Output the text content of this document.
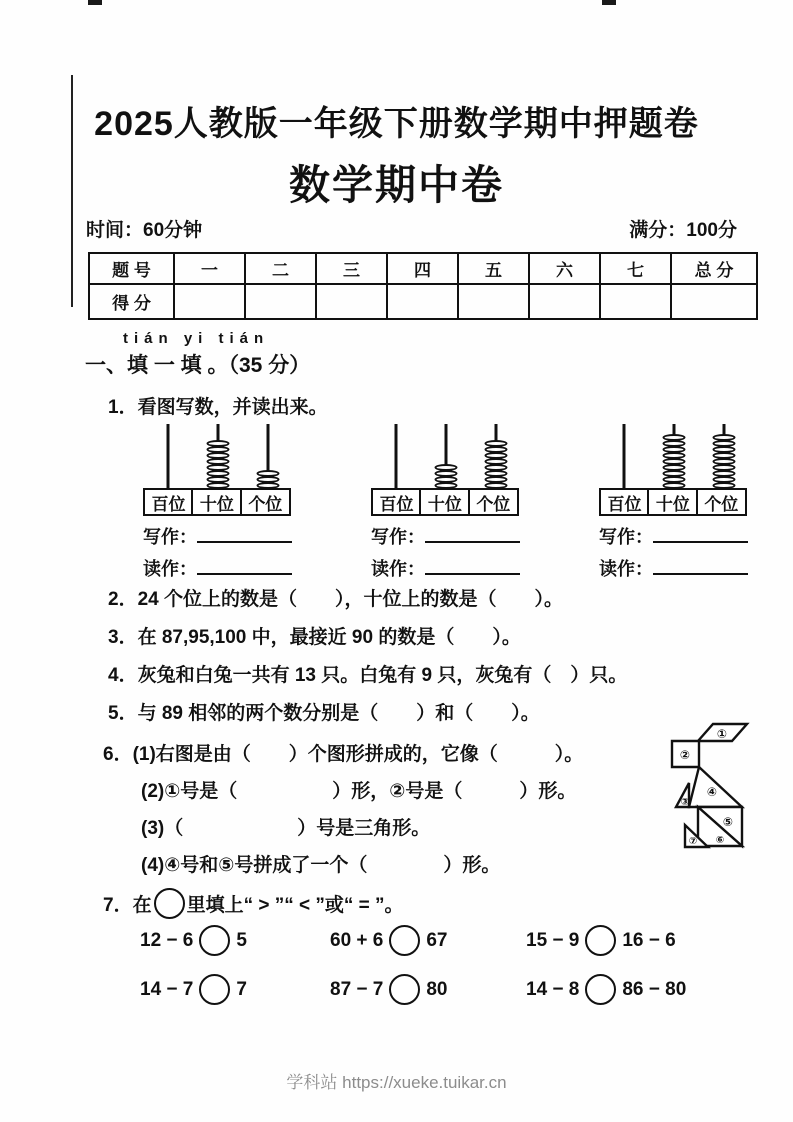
2025人教版一年级下册数学期中押题卷
数学期中卷
时间：60分钟	满分：100分
题 号	一	二	三	四	五	六	七	总 分
得 分								
tián yi tián
一、填 一 填 。（35 分）
1．看图写数，并读出来。
百位 十位 个位
写作：
读作：
百位 十位 个位
写作：
读作：
百位 十位 个位
写作：
读作：
2．24 个位上的数是（　　），十位上的数是（　　）。
3．在 87,95,100 中，最接近 90 的数是（　　）。
4．灰兔和白兔一共有 13 只。白兔有 9 只，灰兔有（　）只。
5．与 89 相邻的两个数分别是（　　）和（　　）。
6．(1)右图是由（　　）个图形拼成的，它像（　　　）。
(2)①号是（　　　　　）形，②号是（　　　）形。
(3)（　　　　　　）号是三角形。
(4)④号和⑤号拼成了一个（　　　　）形。
①
②
③
④
⑤
⑥
⑦
7．在 里填上“ > ”“ < ”或“ = ”。
12 − 6 5	60 + 6 67	15 − 9 16 − 6
14 − 7 7	87 − 7 80	14 − 8 86 − 80
学科站 https://xueke.tuikar.cn
